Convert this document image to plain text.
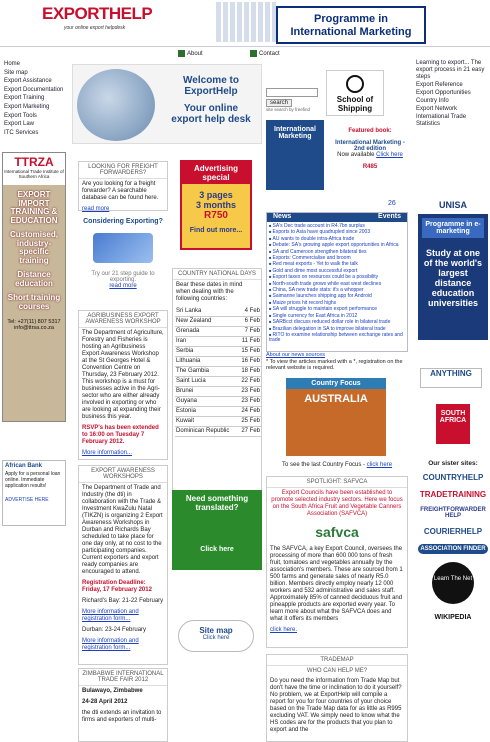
EXPORTHELP
your online export helpdesk
Programme in
International Marketing
About	Contact
Home
Site map
Export Assistance
Export Documentation
Export Training
Export Marketing
Export Tools
Export Law
ITC Services
TTRZA
International Trade Institute of Southern Africa
EXPORT IMPORT TRAINING & EDUCATION
Customised, industry-specific training
Distance education
Short training courses
Tel: +27(11) 807 5317
info@ttrsa.co.za
African Bank
Apply for a personal loan online. Immediate application results!
ADVERTISE HERE
Welcome to
ExportHelp
Your online
export help desk
LOOKING FOR FREIGHT FORWARDERS?
Are you looking for a freight forwarder? A searchable database can be found here.
read more
Considering Exporting?
Try our 21 step guide to exporting.
read more
AGRIBUSINESS EXPORT AWARENESS WORKSHOP
The Department of Agriculture, Forestry and Fisheries is hosting an Agribusiness Export Awareness Workshop at the St Georges Hotel & Convention Centre on Thursday, 23 February 2012. This workshop is a must for businesses active in the Agri-sector who are either already involved in exporting or who are looking at expanding their business this year.
RSVP's has been extended to 16:00 on Tuesday 7 February 2012.
More information...
EXPORT AWARENESS WORKSHOPS
The Department of Trade and Industry (the dti) in collaboration with the Trade & Investment KwaZulu Natal (TIKZN) is organizing 2 Export Awareness Workshops in Durban and Richards Bay scheduled to take place for one day only, at no cost to the participating companies. Current exporters and export ready companies are encouraged to attend.
Registration Deadline: Friday, 17 February 2012
Richard's Bay: 21-22 February
More information and registration form...
Durban: 23-24 February
More information and registration form...
ZIMBABWE INTERNATIONAL TRADE FAIR 2012
Bulawayo, Zimbabwe
24-28 April 2012
the dti extends an invitation to firms and exporters of multi-
Advertising special
3 pages
3 months
R750
Find out more...
COUNTRY NATIONAL DAYS
Bear these dates in mind when dealing with the following countries:
Sri Lanka	4 Feb
New Zealand	6 Feb
Grenada	7 Feb
Iran	11 Feb
Serbia	15 Feb
Lithuania	16 Feb
The Gambia	18 Feb
Saint Lucia	22 Feb
Brunei	23 Feb
Guyana	23 Feb
Estonia	24 Feb
Kuwait	25 Feb
Dominican Republic	27 Feb
Need something translated?
Click here
Site map
Click here
search
site search by freefind
School of
Shipping
International Marketing
Featured book:
International Marketing - 2nd edition
Now available Click here
R485
26
News	Events
■ SA's Dec trade account in R4.7bn surplus
■ Exports to Asia have quadrupled since 2003
■ AU wants to double intra-Africa trade
■ Debate: SA's growing apple export opportunities in Africa
■ SA and Cameroon strengthen bilateral ties
■ Exports: Commercialise and broom
■ Red meat exports - Yet to walk the talk
■ Gold and dime most successful export
■ Export taxes on resources could be a possibility
■ North-south trade grows while east west declines
■ China, SA new trade stats: it's a whopper
■ Saimanne launches shipping app for Android
■ Maize prices hit record highs
■ SA will struggle to maintain export performance
■ Single currency for East Africa in 2012
■ SARBcct discuss reduced dollar role in bilateral trade
■ Brazilian delegation in SA to improve bilateral trade
■ RITO to examine relationship between exchange rates and trade
About our news sources
* To view the articles marked with a *, registration on the relevant website is required.
Country Focus
AUSTRALIA
To see the last Country Focus - click here
SPOTLIGHT: SAFVCA
Export Councils have been established to promote selected industry sectors. Here we focus on the South Africa Fruit and Vegetable Canners Association (SAFVCA)
safvca
The SAFVCA, a key Export Council, oversees the processing of more than 600 000 tons of fresh fruit, tomatoes and vegetables annually by the association's members. These are sourced from 1 500 farms and generate sales of nearly R5.0 billion. Members directly employ nearly 12 000 workers and 532 administrative and sales staff. Approximately 85% of canned deciduous fruit and pineapple products are exported every year. To learn more about what the SAFVCA does and what it offers its members
click here.
TRADEMAP
WHO CAN HELP ME?
Do you need the information from Trade Map but don't have the time or inclination to do it yourself? No problem, we at ExportHelp will compile a report for you for four countries of your choice based on the Trade Map data for as little as R995 excluding VAT. We simply need to know what the HS codes are for the products that you plan to export and the
Learning to export... The export process in 21 easy steps
Export Reference
Export Opportunities
Country Info
Export Network
International Trade Statistics
UNISA
Programme in e-marketing
Study at one of the world's largest distance education universities
ANYTHING
SOUTH AFRICA
Our sister sites:
COUNTRYHELP
TRADETRAINING
FREIGHTFORWARDER HELP
COURIERHELP
ASSOCIATION FINDER
Learn The Net
WIKIPEDIA
